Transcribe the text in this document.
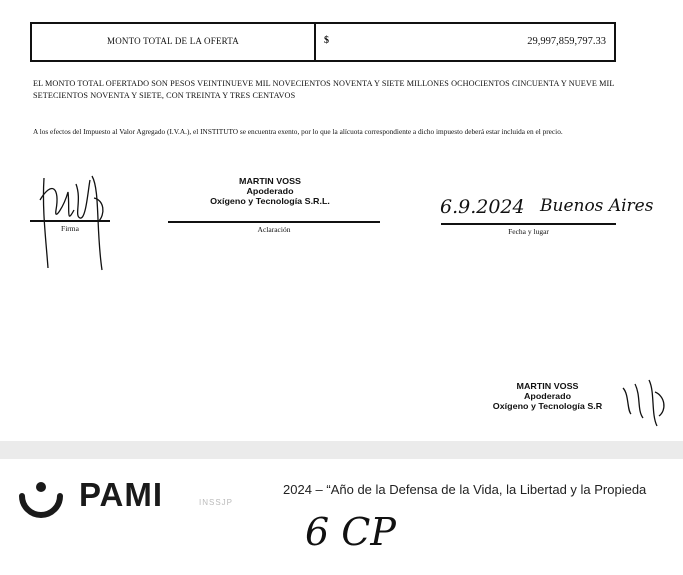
MONTO TOTAL DE LA OFERTA	$	29,997,859,797.33
EL MONTO TOTAL OFERTADO SON PESOS VEINTINUEVE MIL NOVECIENTOS NOVENTA Y SIETE MILLONES OCHOCIENTOS CINCUENTA Y NUEVE MIL SETECIENTOS NOVENTA Y SIETE, CON TREINTA Y TRES CENTAVOS
A los efectos del Impuesto al Valor Agregado (I.V.A.), el INSTITUTO se encuentra exento, por lo que la alícuota correspondiente a dicho impuesto deberá estar incluida en el precio.
Firma
MARTIN VOSS
Apoderado
Oxígeno y Tecnología S.R.L.
Aclaración
6.9.2024 Buenos Aires
Fecha y lugar
MARTIN VOSS
Apoderado
Oxígeno y Tecnología S.R
PAMI	INSSJP
2024 – “Año de la Defensa de la Vida, la Libertad y la Propieda
6 CP
